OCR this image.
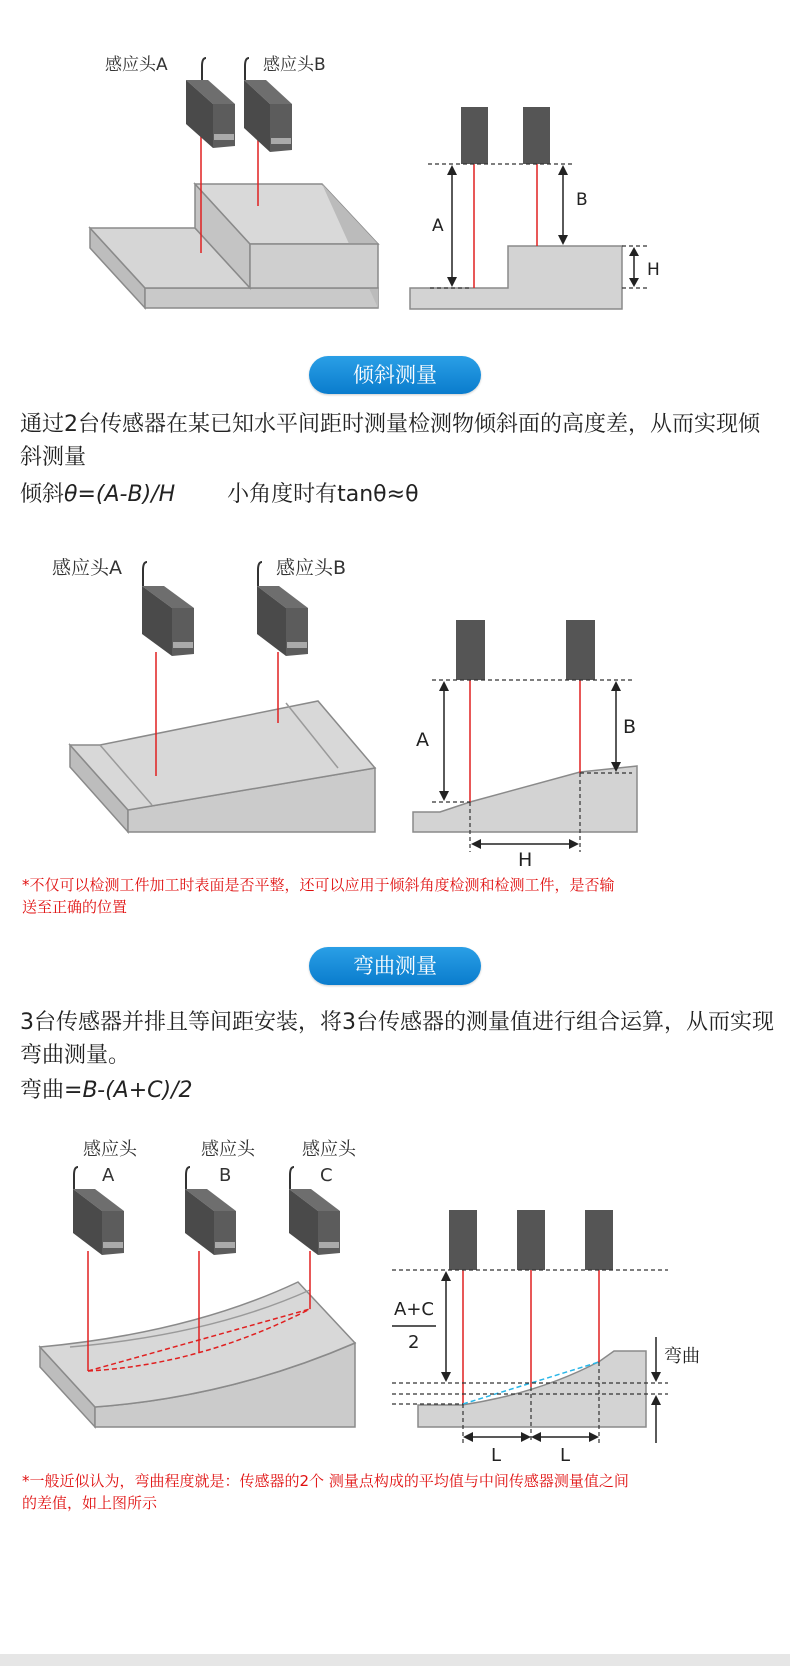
感应头A	感应头B
A
B
H
倾斜测量
通过2台传感器在某已知水平间距时测量检测物倾斜面的高度差，从而实现倾斜测量
倾斜θ=(A-B)/H 小角度时有tanθ≈θ
感应头A	感应头B
A
B
H
*不仅可以检测工件加工时表面是否平整，还可以应用于倾斜角度检测和检测工件，是否输
送至正确的位置
弯曲测量
3台传感器并排且等间距安装，将3台传感器的测量值进行组合运算，从而实现弯曲测量。
弯曲=B-(A+C)/2
感应头
A
感应头
B
感应头
C
A+C
2
弯曲
L	L
*一般近似认为，弯曲程度就是：传感器的2个 测量点构成的平均值与中间传感器测量值之间
的差值，如上图所示
